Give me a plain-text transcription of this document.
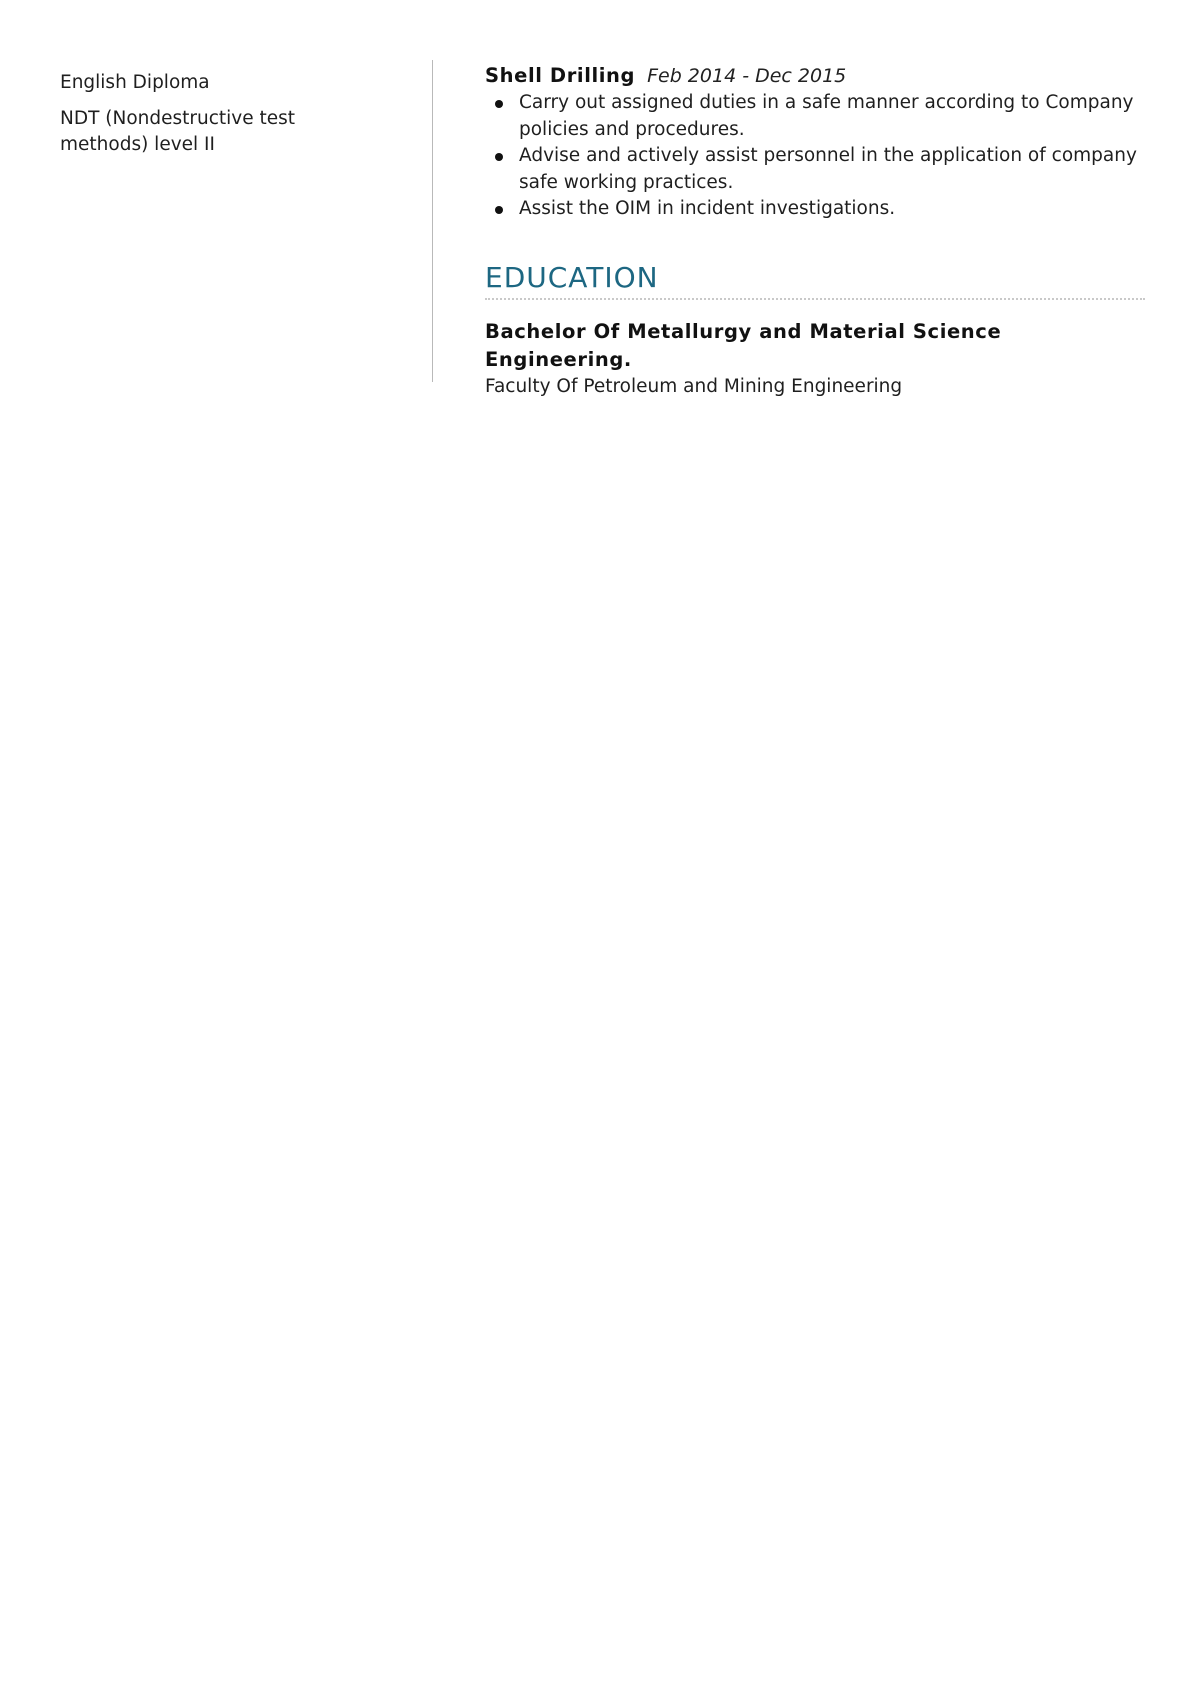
English Diploma
NDT (Nondestructive test methods) level II
Shell Drilling Feb 2014 - Dec 2015
Carry out assigned duties in a safe manner according to Company policies and procedures.
Advise and actively assist personnel in the application of company safe working practices.
Assist the OIM in incident investigations.
EDUCATION
Bachelor Of Metallurgy and Material Science Engineering.
Faculty Of Petroleum and Mining Engineering
